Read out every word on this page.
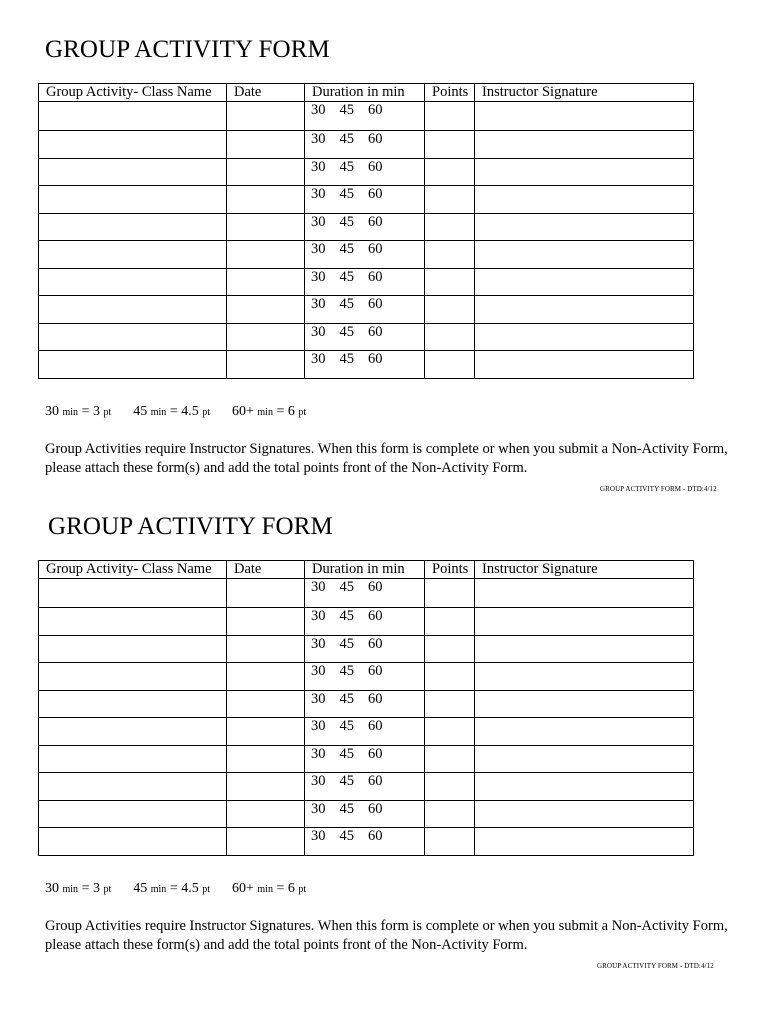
GROUP ACTIVITY FORM
Group Activity- Class Name	Date	Duration in min	Points	Instructor Signature
		30 45 60		
		30 45 60		
		30 45 60		
		30 45 60		
		30 45 60		
		30 45 60		
		30 45 60		
		30 45 60		
		30 45 60		
		30 45 60		
30 min = 3 pt 45 min = 4.5 pt 60+ min = 6 pt
Group Activities require Instructor Signatures. When this form is complete or when you submit a Non-Activity Form, please attach these form(s) and add the total points front of the Non-Activity Form.
GROUP ACTIVITY FORM - DTD:4/12
GROUP ACTIVITY FORM
Group Activity- Class Name	Date	Duration in min	Points	Instructor Signature
		30 45 60		
		30 45 60		
		30 45 60		
		30 45 60		
		30 45 60		
		30 45 60		
		30 45 60		
		30 45 60		
		30 45 60		
		30 45 60		
30 min = 3 pt 45 min = 4.5 pt 60+ min = 6 pt
Group Activities require Instructor Signatures. When this form is complete or when you submit a Non-Activity Form, please attach these form(s) and add the total points front of the Non-Activity Form.
GROUP ACTIVITY FORM - DTD:4/12
